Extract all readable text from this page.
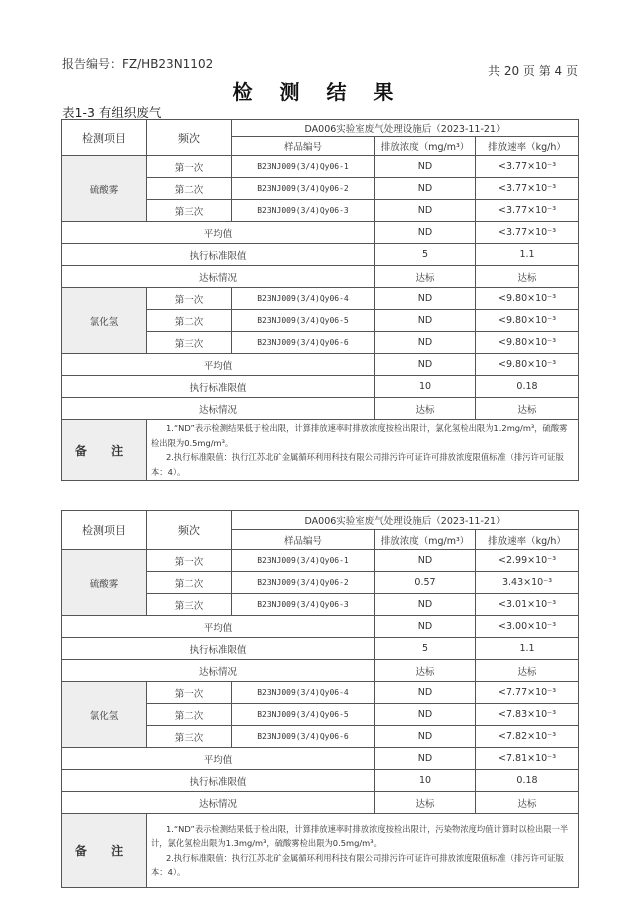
报告编号：FZ/HB23N1102	共 20 页 第 4 页
检 测 结 果
表1-3 有组织废气
检测项目	频次	DA006实验室废气处理设施后（2023-11-21）		
		样品编号	排放浓度（mg/m³）	排放速率（kg/h）
硫酸雾	第一次	B23NJ009(3/4)Qy06-1	ND	<3.77×10⁻³
	第二次	B23NJ009(3/4)Qy06-2	ND	<3.77×10⁻³
	第三次	B23NJ009(3/4)Qy06-3	ND	<3.77×10⁻³
平均值			ND	<3.77×10⁻³
执行标准限值			5	1.1
达标情况			达标	达标
氯化氢	第一次	B23NJ009(3/4)Qy06-4	ND	<9.80×10⁻³
	第二次	B23NJ009(3/4)Qy06-5	ND	<9.80×10⁻³
	第三次	B23NJ009(3/4)Qy06-6	ND	<9.80×10⁻³
平均值			ND	<9.80×10⁻³
执行标准限值			10	0.18
达标情况			达标	达标
备 注	1.“ND”表示检测结果低于检出限，计算排放速率时排放浓度按检出限计，氯化氢检出限为1.2mg/m³，硫酸雾检出限为0.5mg/m³。

2.执行标准限值：执行江苏北矿金属循环利用科技有限公司排污许可证许可排放浓度限值标准（排污许可证版本：4）。			

检测项目	频次	DA006实验室废气处理设施后（2023-11-21）		
		样品编号	排放浓度（mg/m³）	排放速率（kg/h）
硫酸雾	第一次	B23NJ009(3/4)Qy06-1	ND	<2.99×10⁻³
	第二次	B23NJ009(3/4)Qy06-2	0.57	3.43×10⁻³
	第三次	B23NJ009(3/4)Qy06-3	ND	<3.01×10⁻³
平均值			ND	<3.00×10⁻³
执行标准限值			5	1.1
达标情况			达标	达标
氯化氢	第一次	B23NJ009(3/4)Qy06-4	ND	<7.77×10⁻³
	第二次	B23NJ009(3/4)Qy06-5	ND	<7.83×10⁻³
	第三次	B23NJ009(3/4)Qy06-6	ND	<7.82×10⁻³
平均值			ND	<7.81×10⁻³
执行标准限值			10	0.18
达标情况			达标	达标
备 注	1.“ND”表示检测结果低于检出限，计算排放速率时排放浓度按检出限计，污染物浓度均值计算时以检出限一半计，氯化氢检出限为1.3mg/m³，硫酸雾检出限为0.5mg/m³。

2.执行标准限值：执行江苏北矿金属循环利用科技有限公司排污许可证许可排放浓度限值标准（排污许可证版本：4）。			
